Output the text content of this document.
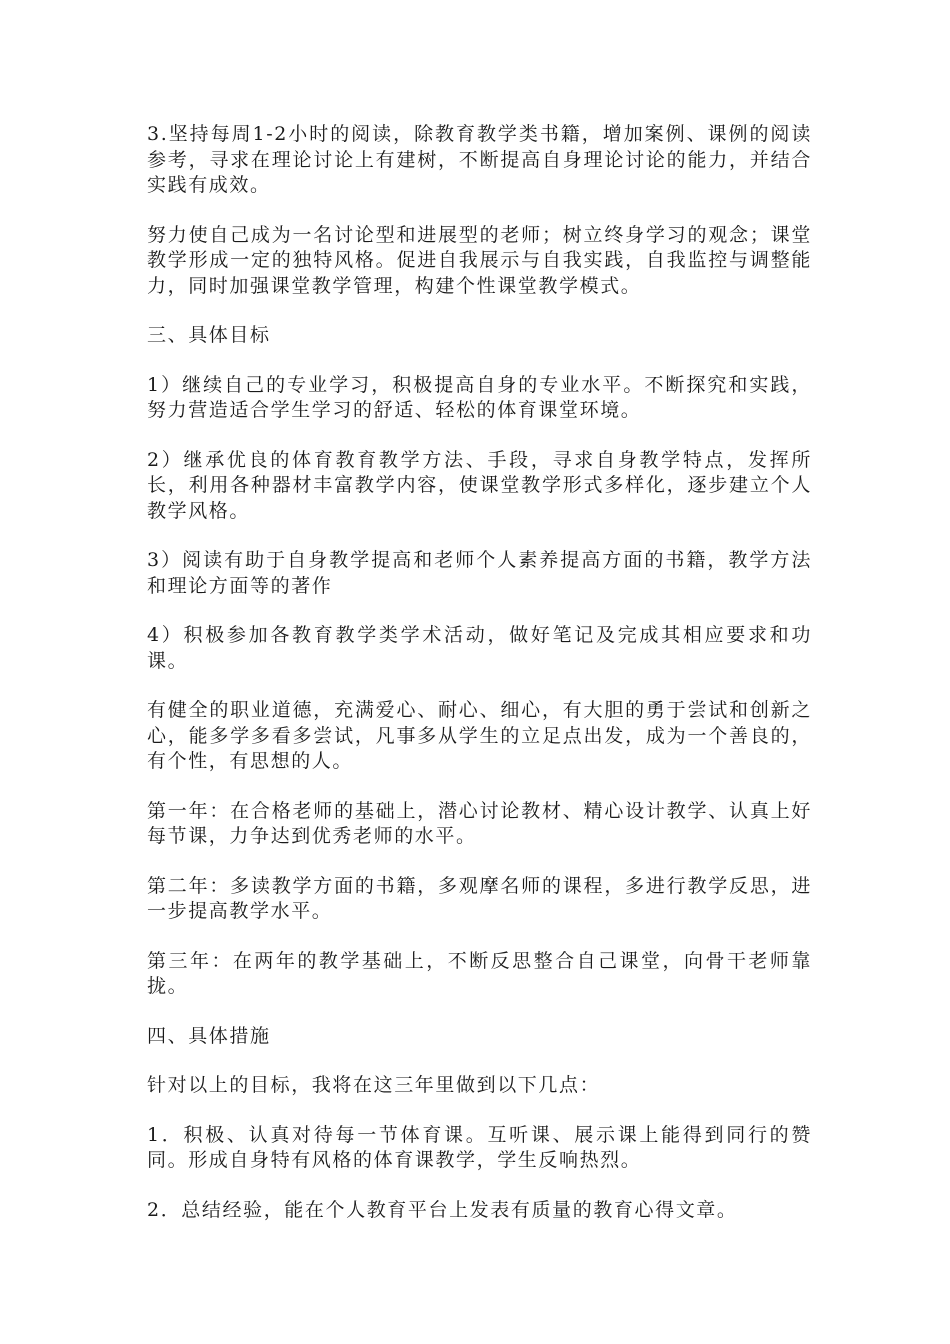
3.坚持每周1-2小时的阅读，除教育教学类书籍，增加案例、课例的阅读参考，寻求在理论讨论上有建树，不断提高自身理论讨论的能力，并结合实践有成效。

努力使自己成为一名讨论型和进展型的老师；树立终身学习的观念；课堂教学形成一定的独特风格。促进自我展示与自我实践，自我监控与调整能力，同时加强课堂教学管理，构建个性课堂教学模式。

三、具体目标

1）继续自己的专业学习，积极提高自身的专业水平。不断探究和实践，努力营造适合学生学习的舒适、轻松的体育课堂环境。

2）继承优良的体育教育教学方法、手段，寻求自身教学特点，发挥所长，利用各种器材丰富教学内容，使课堂教学形式多样化，逐步建立个人教学风格。

3）阅读有助于自身教学提高和老师个人素养提高方面的书籍，教学方法和理论方面等的著作

4）积极参加各教育教学类学术活动，做好笔记及完成其相应要求和功课。

有健全的职业道德，充满爱心、耐心、细心，有大胆的勇于尝试和创新之心，能多学多看多尝试，凡事多从学生的立足点出发，成为一个善良的，有个性，有思想的人。

第一年：在合格老师的基础上，潜心讨论教材、精心设计教学、认真上好每节课，力争达到优秀老师的水平。

第二年：多读教学方面的书籍，多观摩名师的课程，多进行教学反思，进一步提高教学水平。

第三年：在两年的教学基础上，不断反思整合自己课堂，向骨干老师靠拢。

四、具体措施

针对以上的目标，我将在这三年里做到以下几点：

1．积极、认真对待每一节体育课。互听课、展示课上能得到同行的赞同。形成自身特有风格的体育课教学，学生反响热烈。

2．总结经验，能在个人教育平台上发表有质量的教育心得文章。
